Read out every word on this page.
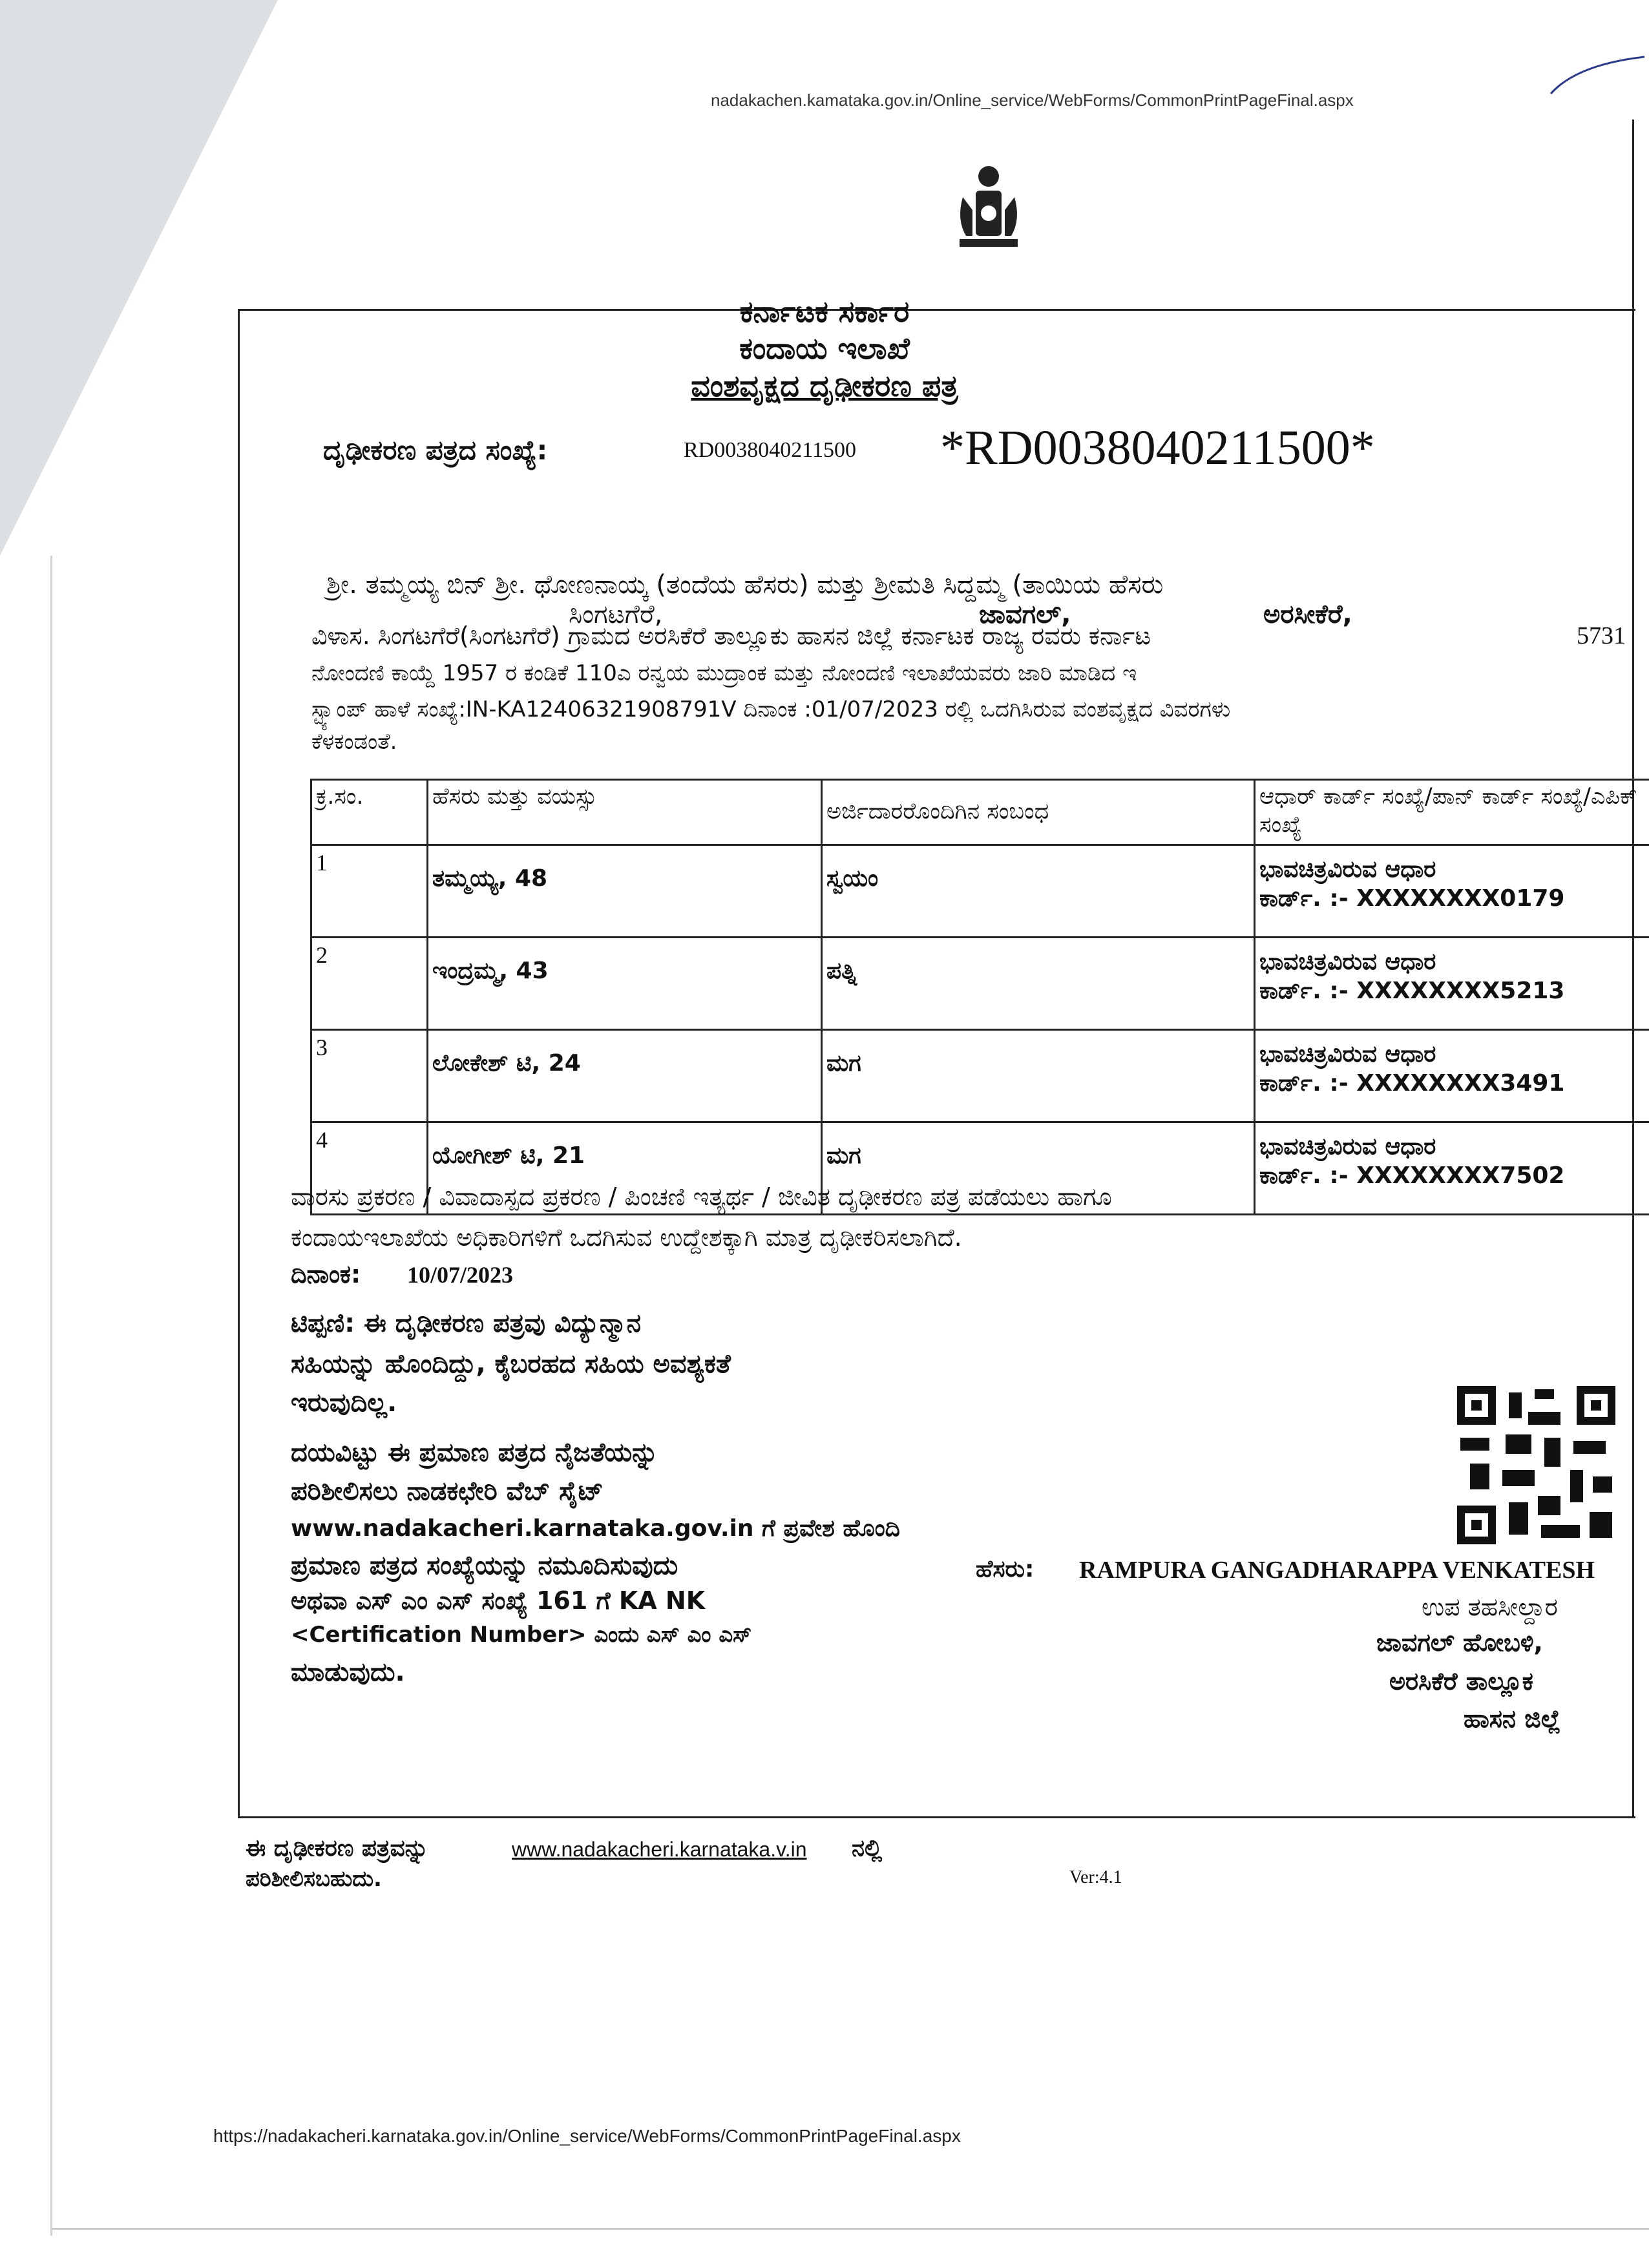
nadakachen.kamataka.gov.in/Online_service/WebForms/CommonPrintPageFinal.aspx
ಕರ್ನಾಟಕ ಸರ್ಕಾರ
ಕಂದಾಯ ಇಲಾಖೆ
ವಂಶವೃಕ್ಷದ ದೃಢೀಕರಣ ಪತ್ರ
ದೃಢೀಕರಣ ಪತ್ರದ ಸಂಖ್ಯೆ:	RD0038040211500 *RD0038040211500*
ಶ್ರೀ. ತಮ್ಮಯ್ಯ ಬಿನ್ ಶ್ರೀ. ಥೋಣನಾಯ್ಕ (ತಂದೆಯ ಹೆಸರು) ಮತ್ತು ಶ್ರೀಮತಿ ಸಿದ್ದಮ್ಮ (ತಾಯಿಯ ಹೆಸರು
ಸಿಂಗಟಗೆರೆ,	ಜಾವಗಲ್,	ಅರಸೀಕೆರೆ,
5731
ವಿಳಾಸ. ಸಿಂಗಟಗೆರೆ(ಸಿಂಗಟಗೆರೆ) ಗ್ರಾಮದ ಅರಸಿಕೆರೆ ತಾಲ್ಲೂಕು ಹಾಸನ ಜಿಲ್ಲೆ ಕರ್ನಾಟಕ ರಾಜ್ಯ ರವರು ಕರ್ನಾಟ
ನೋಂದಣಿ ಕಾಯ್ದೆ 1957 ರ ಕಂಡಿಕೆ 110ಎ ರನ್ವಯ ಮುದ್ರಾಂಕ ಮತ್ತು ನೋಂದಣಿ ಇಲಾಖೆಯವರು ಜಾರಿ ಮಾಡಿದ ಇ
ಸ್ಟ್ಯಾಂಪ್ ಹಾಳೆ ಸಂಖ್ಯೆ:IN-KA12406321908791V ದಿನಾಂಕ :01/07/2023 ರಲ್ಲಿ ಒದಗಿಸಿರುವ ವಂಶವೃಕ್ಷದ ವಿವರಗಳು
ಕೆಳಕಂಡಂತೆ.
ಕ್ರ.ಸಂ.	ಹೆಸರು ಮತ್ತು ವಯಸ್ಸು	ಅರ್ಜಿದಾರರೊಂದಿಗಿನ ಸಂಬಂಧ	ಆಧಾರ್ ಕಾರ್ಡ್ ಸಂಖ್ಯೆ/ಪಾನ್ ಕಾರ್ಡ್ ಸಂಖ್ಯೆ/ಎಪಿಕ್ ಸಂಖ್ಯೆ
1	ತಮ್ಮಯ್ಯ, 48	ಸ್ವಯಂ	ಭಾವಚಿತ್ರವಿರುವ ಆಧಾರ
ಕಾರ್ಡ್. :- XXXXXXXX0179

2	ಇಂದ್ರಮ್ಮ, 43	ಪತ್ನಿ	ಭಾವಚಿತ್ರವಿರುವ ಆಧಾರ
ಕಾರ್ಡ್. :- XXXXXXXX5213

3	ಲೋಕೇಶ್ ಟಿ, 24	ಮಗ	ಭಾವಚಿತ್ರವಿರುವ ಆಧಾರ
ಕಾರ್ಡ್. :- XXXXXXXX3491

4	ಯೋಗೀಶ್ ಟಿ, 21	ಮಗ	ಭಾವಚಿತ್ರವಿರುವ ಆಧಾರ
ಕಾರ್ಡ್. :- XXXXXXXX7502
ವಾರಸು ಪ್ರಕರಣ / ವಿವಾದಾಸ್ಪದ ಪ್ರಕರಣ / ಪಿಂಚಣಿ ಇತ್ಯರ್ಥ / ಜೀವಿತ ದೃಢೀಕರಣ ಪತ್ರ ಪಡೆಯಲು ಹಾಗೂ
ಕಂದಾಯಇಲಾಖೆಯ ಅಧಿಕಾರಿಗಳಿಗೆ ಒದಗಿಸುವ ಉದ್ದೇಶಕ್ಕಾಗಿ ಮಾತ್ರ ದೃಢೀಕರಿಸಲಾಗಿದೆ.
ದಿನಾಂಕ: 10/07/2023
ಟಿಪ್ಪಣಿ: ಈ ದೃಢೀಕರಣ ಪತ್ರವು ವಿದ್ಯುನ್ಮಾನ
ಸಹಿಯನ್ನು ಹೊಂದಿದ್ದು, ಕೈಬರಹದ ಸಹಿಯ ಅವಶ್ಯಕತೆ
ಇರುವುದಿಲ್ಲ.
ದಯವಿಟ್ಟು ಈ ಪ್ರಮಾಣ ಪತ್ರದ ನೈಜತೆಯನ್ನು
ಪರಿಶೀಲಿಸಲು ನಾಡಕಛೇರಿ ವೆಬ್ ಸೈಟ್
www.nadakacheri.karnataka.gov.in ಗೆ ಪ್ರವೇಶ ಹೊಂದಿ
ಪ್ರಮಾಣ ಪತ್ರದ ಸಂಖ್ಯೆಯನ್ನು ನಮೂದಿಸುವುದು
ಅಥವಾ ಎಸ್ ಎಂ ಎಸ್ ಸಂಖ್ಯೆ 161 ಗೆ KA NK
<Certification Number> ಎಂದು ಎಸ್ ಎಂ ಎಸ್
ಮಾಡುವುದು.
ಹೆಸರು: RAMPURA GANGADHARAPPA VENKATESH
ಉಪ ತಹಸೀಲ್ದಾರ
ಜಾವಗಲ್ ಹೋಬಳಿ,
ಅರಸಿಕೆರೆ ತಾಲ್ಲೂಕ
ಹಾಸನ ಜಿಲ್ಲೆ
ಈ ದೃಢೀಕರಣ ಪತ್ರವನ್ನು	www.nadakacheri.karnataka.v.in ನಲ್ಲಿ
ಪರಿಶೀಲಿಸಬಹುದು.	Ver:4.1
https://nadakacheri.karnataka.gov.in/Online_service/WebForms/CommonPrintPageFinal.aspx
